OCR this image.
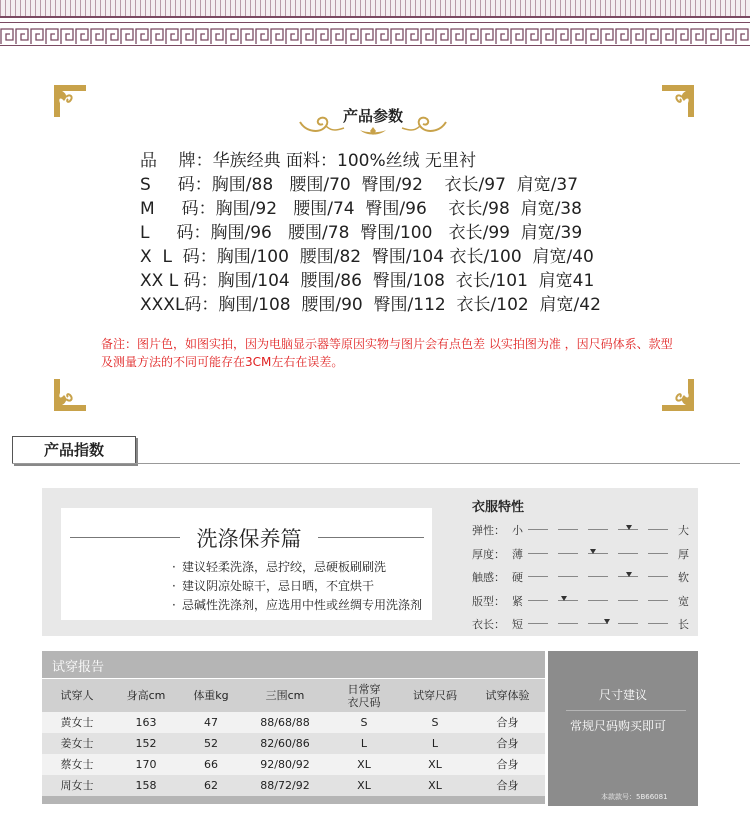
产品参数
品    牌：华族经典 面料：100%丝绒 无里衬
S     码：胸围/88   腰围/70  臀围/92    衣长/97  肩宽/37
M     码：胸围/92   腰围/74  臀围/96    衣长/98  肩宽/38
L     码：胸围/96   腰围/78  臀围/100   衣长/99  肩宽/39
X  L  码：胸围/100  腰围/82  臀围/104 衣长/100  肩宽/40
XX L 码：胸围/104  腰围/86  臀围/108  衣长/101  肩宽41
XXXL码：胸围/108  腰围/90  臀围/112  衣长/102  肩宽/42
备注：图片色，如图实拍，因为电脑显示器等原因实物与图片会有点色差 以实拍图为准 ，因尺码体系、款型及测量方法的不同可能存在3CM左右在误差。
产品指数
洗涤保养篇
· 建议轻柔洗涤，忌拧绞，忌硬板刷刷洗
· 建议阴凉处晾干，忌日晒，不宜烘干
· 忌碱性洗涤剂，应选用中性或丝绸专用洗涤剂
衣服特性
弹性： 小	大
厚度： 薄	厚
触感： 硬	软
版型： 紧	宽
衣长： 短	长
试穿报告
试穿人	身高cm	体重kg	三围cm	日常穿
衣尺码	试穿尺码	试穿体验
黄女士	163	47	88/68/88	S	S	合身
姜女士	152	52	82/60/86	L	L	合身
蔡女士	170	66	92/80/92	XL	XL	合身
周女士	158	62	88/72/92	XL	XL	合身
尺寸建议
常规尺码购买即可
本款款号：5B66081
